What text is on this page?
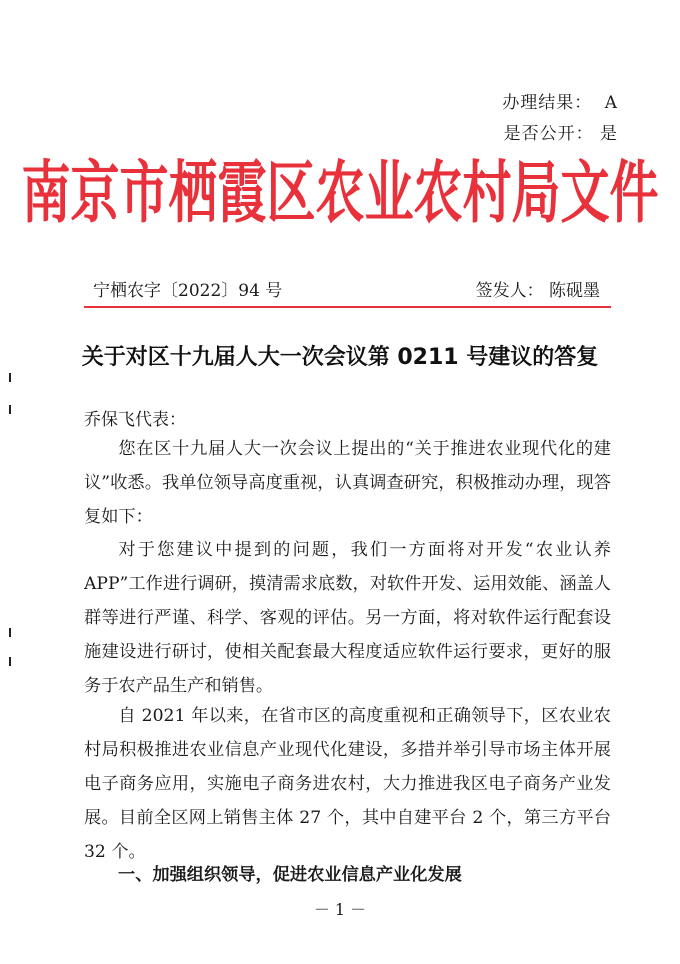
办理结果： A
是否公开： 是
南京市栖霞区农业农村局文件
宁栖农字〔2022〕94 号	签发人： 陈砚墨
关于对区十九届人大一次会议第 0211 号建议的答复
乔保飞代表：
您在区十九届人大一次会议上提出的“关于推进农业现代化的建议”收悉。我单位领导高度重视，认真调查研究，积极推动办理，现答复如下：
对于您建议中提到的问题，我们一方面将对开发“农业认养APP”工作进行调研，摸清需求底数，对软件开发、运用效能、涵盖人群等进行严谨、科学、客观的评估。另一方面，将对软件运行配套设施建设进行研讨，使相关配套最大程度适应软件运行要求，更好的服务于农产品生产和销售。
自 2021 年以来，在省市区的高度重视和正确领导下，区农业农村局积极推进农业信息产业现代化建设，多措并举引导市场主体开展电子商务应用，实施电子商务进农村，大力推进我区电子商务产业发展。目前全区网上销售主体 27 个，其中自建平台 2 个，第三方平台 32 个。
一、加强组织领导，促进农业信息产业化发展
－ 1 －
